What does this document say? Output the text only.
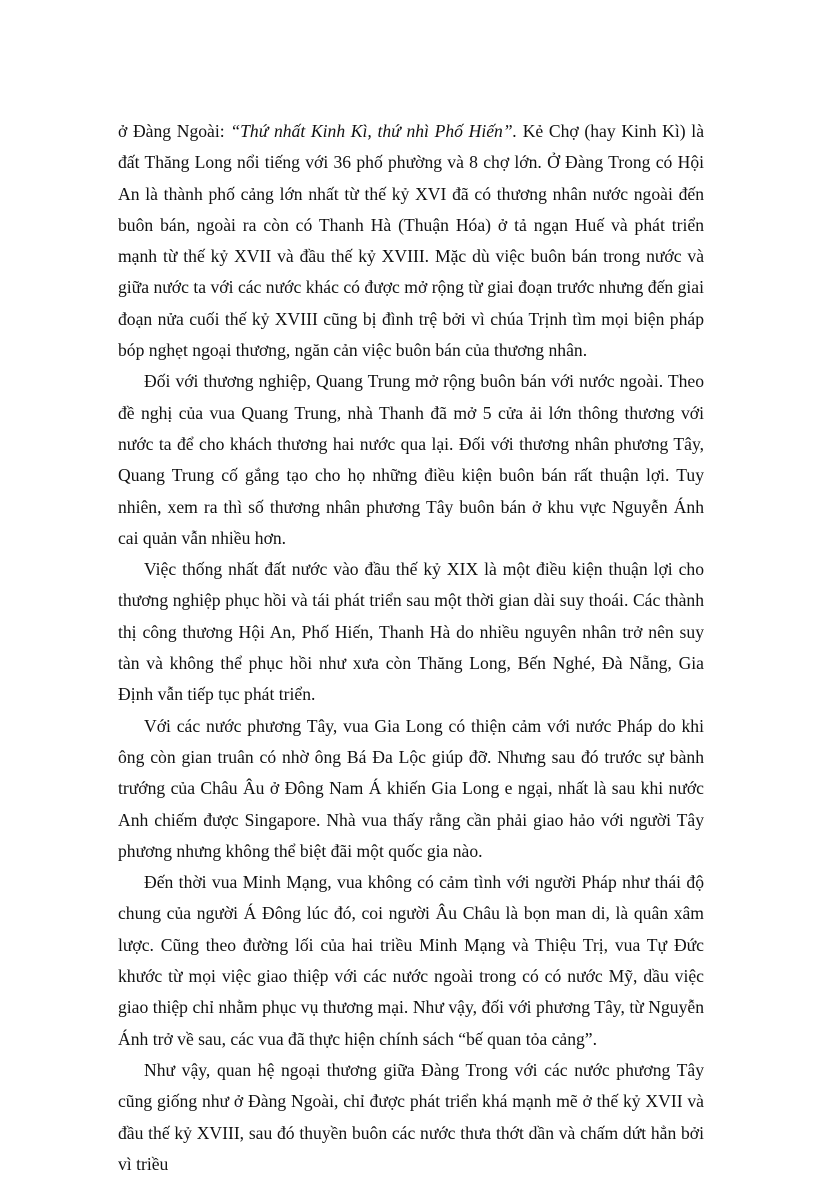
ở Đàng Ngoài: “Thứ nhất Kinh Kì, thứ nhì Phố Hiến”. Kẻ Chợ (hay Kinh Kì) là đất Thăng Long nổi tiếng với 36 phố phường và 8 chợ lớn. Ở Đàng Trong có Hội An là thành phố cảng lớn nhất từ thế kỷ XVI đã có thương nhân nước ngoài đến buôn bán, ngoài ra còn có Thanh Hà (Thuận Hóa) ở tả ngạn Huế và phát triển mạnh từ thế kỷ XVII và đầu thế kỷ XVIII. Mặc dù việc buôn bán trong nước và giữa nước ta với các nước khác có được mở rộng từ giai đoạn trước nhưng đến giai đoạn nửa cuối thế kỷ XVIII cũng bị đình trệ bởi vì chúa Trịnh tìm mọi biện pháp bóp nghẹt ngoại thương, ngăn cản việc buôn bán của thương nhân.

Đối với thương nghiệp, Quang Trung mở rộng buôn bán với nước ngoài. Theo đề nghị của vua Quang Trung, nhà Thanh đã mở 5 cửa ải lớn thông thương với nước ta để cho khách thương hai nước qua lại. Đối với thương nhân phương Tây, Quang Trung cố gắng tạo cho họ những điều kiện buôn bán rất thuận lợi. Tuy nhiên, xem ra thì số thương nhân phương Tây buôn bán ở khu vực Nguyễn Ánh cai quản vẫn nhiều hơn.

Việc thống nhất đất nước vào đầu thế kỷ XIX là một điều kiện thuận lợi cho thương nghiệp phục hồi và tái phát triển sau một thời gian dài suy thoái. Các thành thị công thương Hội An, Phố Hiến, Thanh Hà do nhiều nguyên nhân trở nên suy tàn và không thể phục hồi như xưa còn Thăng Long, Bến Nghé, Đà Nẵng, Gia Định vẫn tiếp tục phát triển.

Với các nước phương Tây, vua Gia Long có thiện cảm với nước Pháp do khi ông còn gian truân có nhờ ông Bá Đa Lộc giúp đỡ. Nhưng sau đó trước sự bành trướng của Châu Âu ở Đông Nam Á khiến Gia Long e ngại, nhất là sau khi nước Anh chiếm được Singapore. Nhà vua thấy rằng cần phải giao hảo với người Tây phương nhưng không thể biệt đãi một quốc gia nào.

Đến thời vua Minh Mạng, vua không có cảm tình với người Pháp như thái độ chung của người Á Đông lúc đó, coi người Âu Châu là bọn man di, là quân xâm lược. Cũng theo đường lối của hai triều Minh Mạng và Thiệu Trị, vua Tự Đức khước từ mọi việc giao thiệp với các nước ngoài trong có có nước Mỹ, dầu việc giao thiệp chỉ nhằm phục vụ thương mại. Như vậy, đối với phương Tây, từ Nguyễn Ánh trở về sau, các vua đã thực hiện chính sách “bế quan tỏa cảng”.

Như vậy, quan hệ ngoại thương giữa Đàng Trong với các nước phương Tây cũng giống như ở Đàng Ngoài, chỉ được phát triển khá mạnh mẽ ở thế kỷ XVII và đầu thế kỷ XVIII, sau đó thuyền buôn các nước thưa thớt dần và chấm dứt hẳn bởi vì triều
